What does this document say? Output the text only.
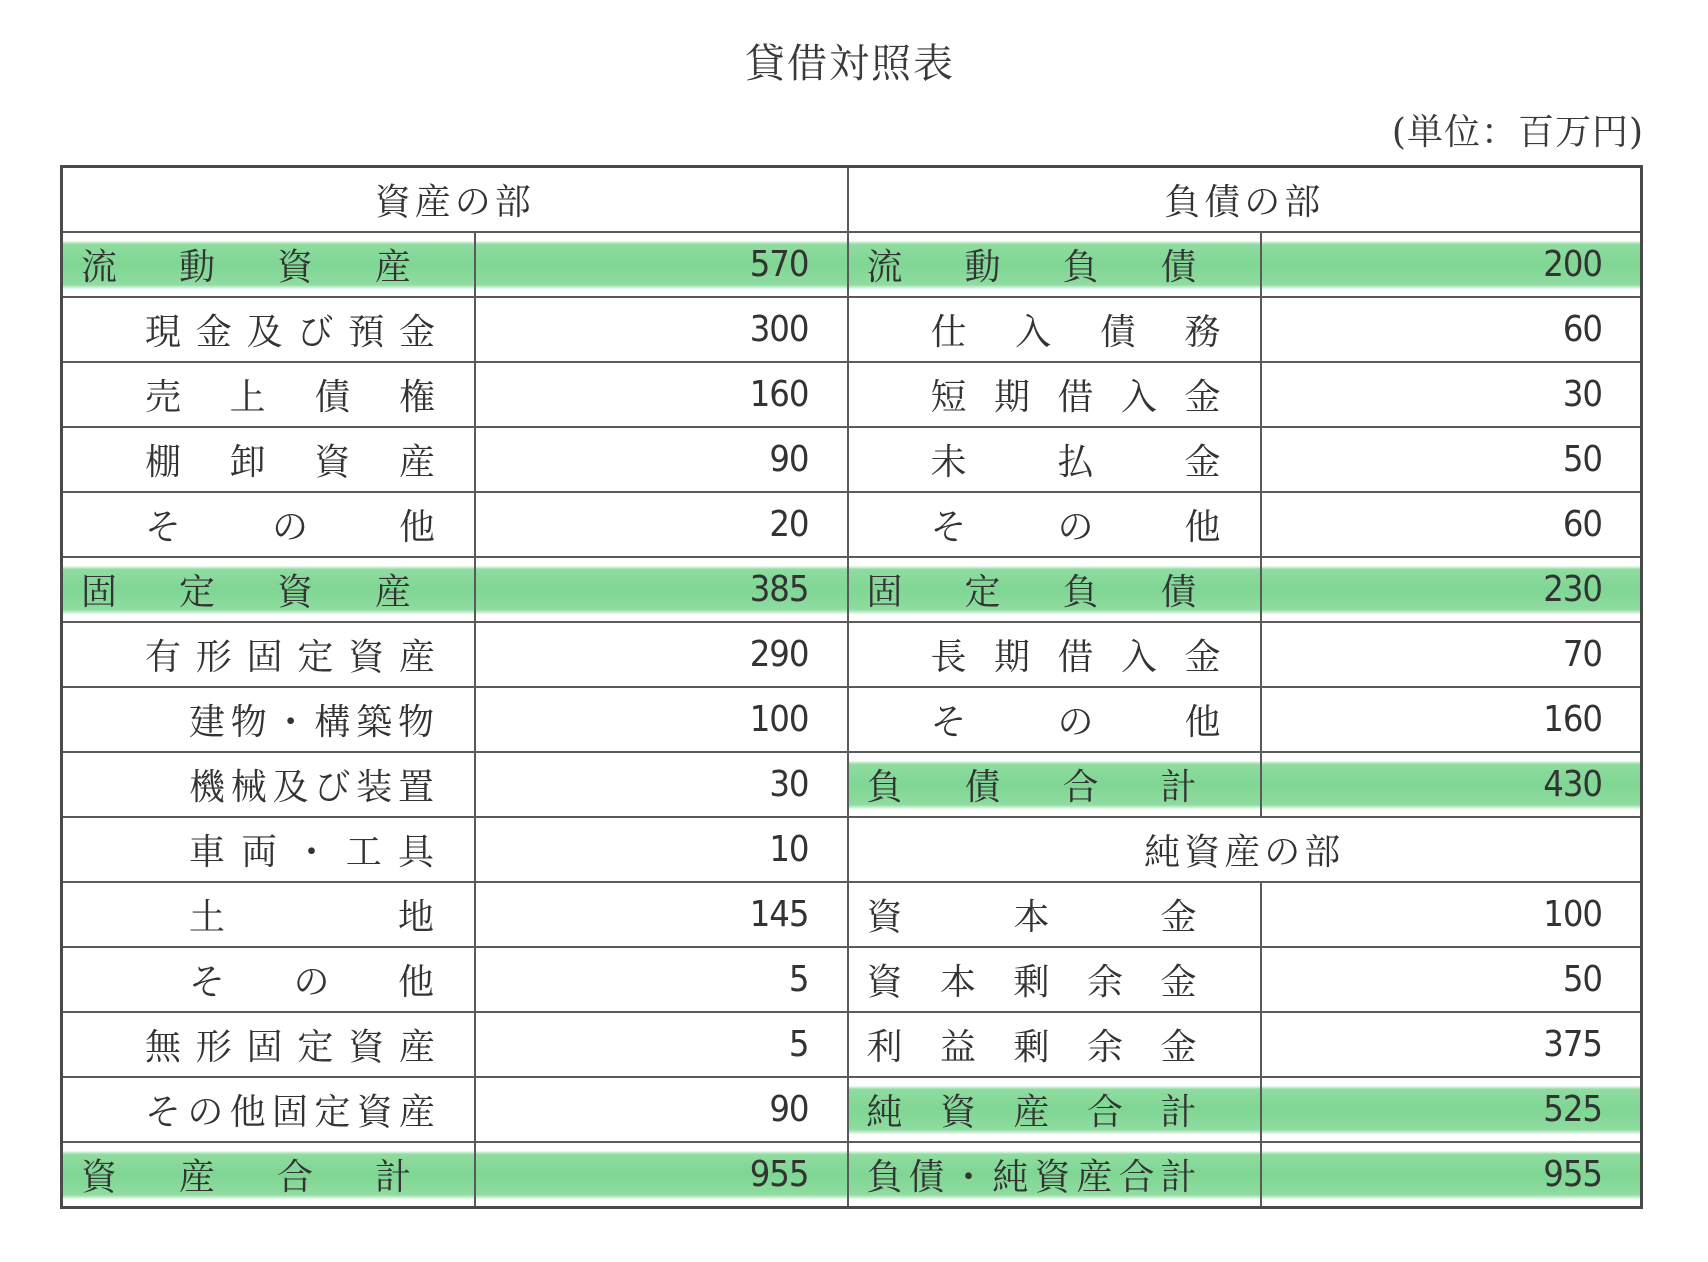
貸借対照表
(単位：百万円)
資産の部		負債の部	
流動資産	570	流動負債	200
現金及び預金	300	仕入債務	60
売上債権	160	短期借入金	30
棚卸資産	90	未払金	50
その他	20	その他	60
固定資産	385	固定負債	230
有形固定資産	290	長期借入金	70
建物・構築物	100	その他	160
機械及び装置	30	負債合計	430
車両・工具	10	純資産の部	
土地	145	資本金	100
その他	5	資本剰余金	50
無形固定資産	5	利益剰余金	375
その他固定資産	90	純資産合計	525
資産合計	955	負債・純資産合計	955
